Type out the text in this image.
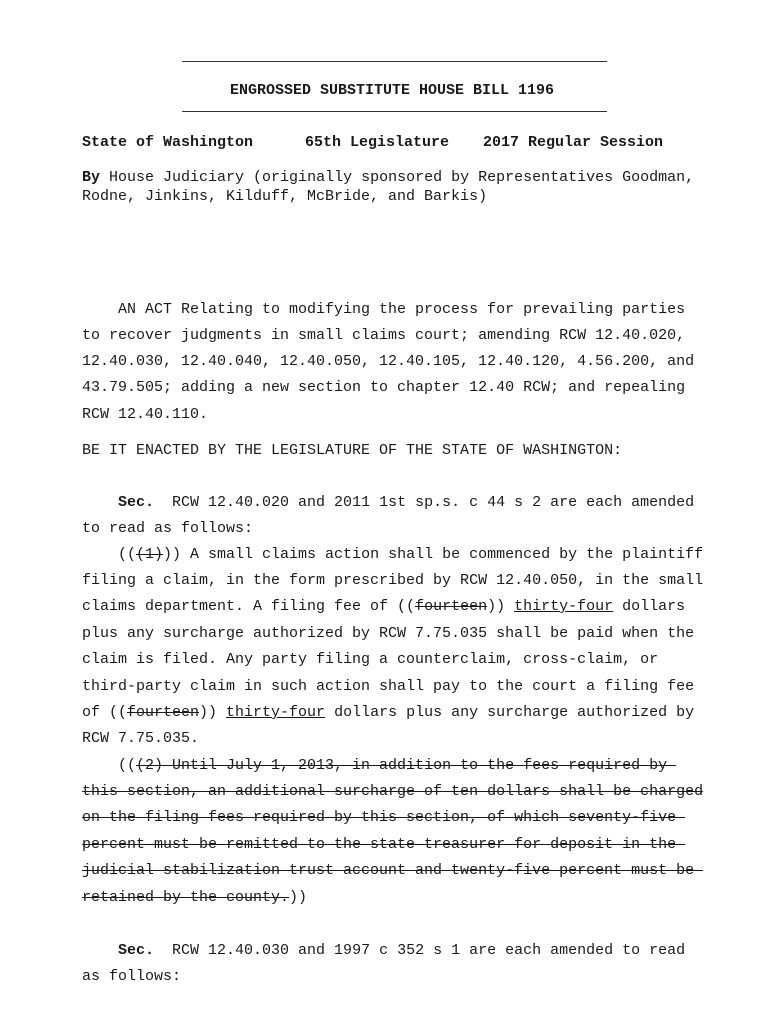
ENGROSSED SUBSTITUTE HOUSE BILL 1196
State of Washington	65th Legislature 2017 Regular Session
By House Judiciary (originally sponsored by Representatives Goodman,
Rodne, Jinkins, Kilduff, McBride, and Barkis)
AN ACT Relating to modifying the process for prevailing parties
to recover judgments in small claims court; amending RCW 12.40.020,
12.40.030, 12.40.040, 12.40.050, 12.40.105, 12.40.120, 4.56.200, and
43.79.505; adding a new section to chapter 12.40 RCW; and repealing
RCW 12.40.110.
BE IT ENACTED BY THE LEGISLATURE OF THE STATE OF WASHINGTON:
Sec.  RCW 12.40.020 and 2011 1st sp.s. c 44 s 2 are each amended
to read as follows:
(((1))) A small claims action shall be commenced by the plaintiff
filing a claim, in the form prescribed by RCW 12.40.050, in the small
claims department. A filing fee of ((fourteen)) thirty-four dollars
plus any surcharge authorized by RCW 7.75.035 shall be paid when the
claim is filed. Any party filing a counterclaim, cross-claim, or
third-party claim in such action shall pay to the court a filing fee
of ((fourteen)) thirty-four dollars plus any surcharge authorized by
RCW 7.75.035.
(((2) Until July 1, 2013, in addition to the fees required by
this section, an additional surcharge of ten dollars shall be charged
on the filing fees required by this section, of which seventy-five
percent must be remitted to the state treasurer for deposit in the
judicial stabilization trust account and twenty-five percent must be
retained by the county.))
Sec.  RCW 12.40.030 and 1997 c 352 s 1 are each amended to read
as follows:
